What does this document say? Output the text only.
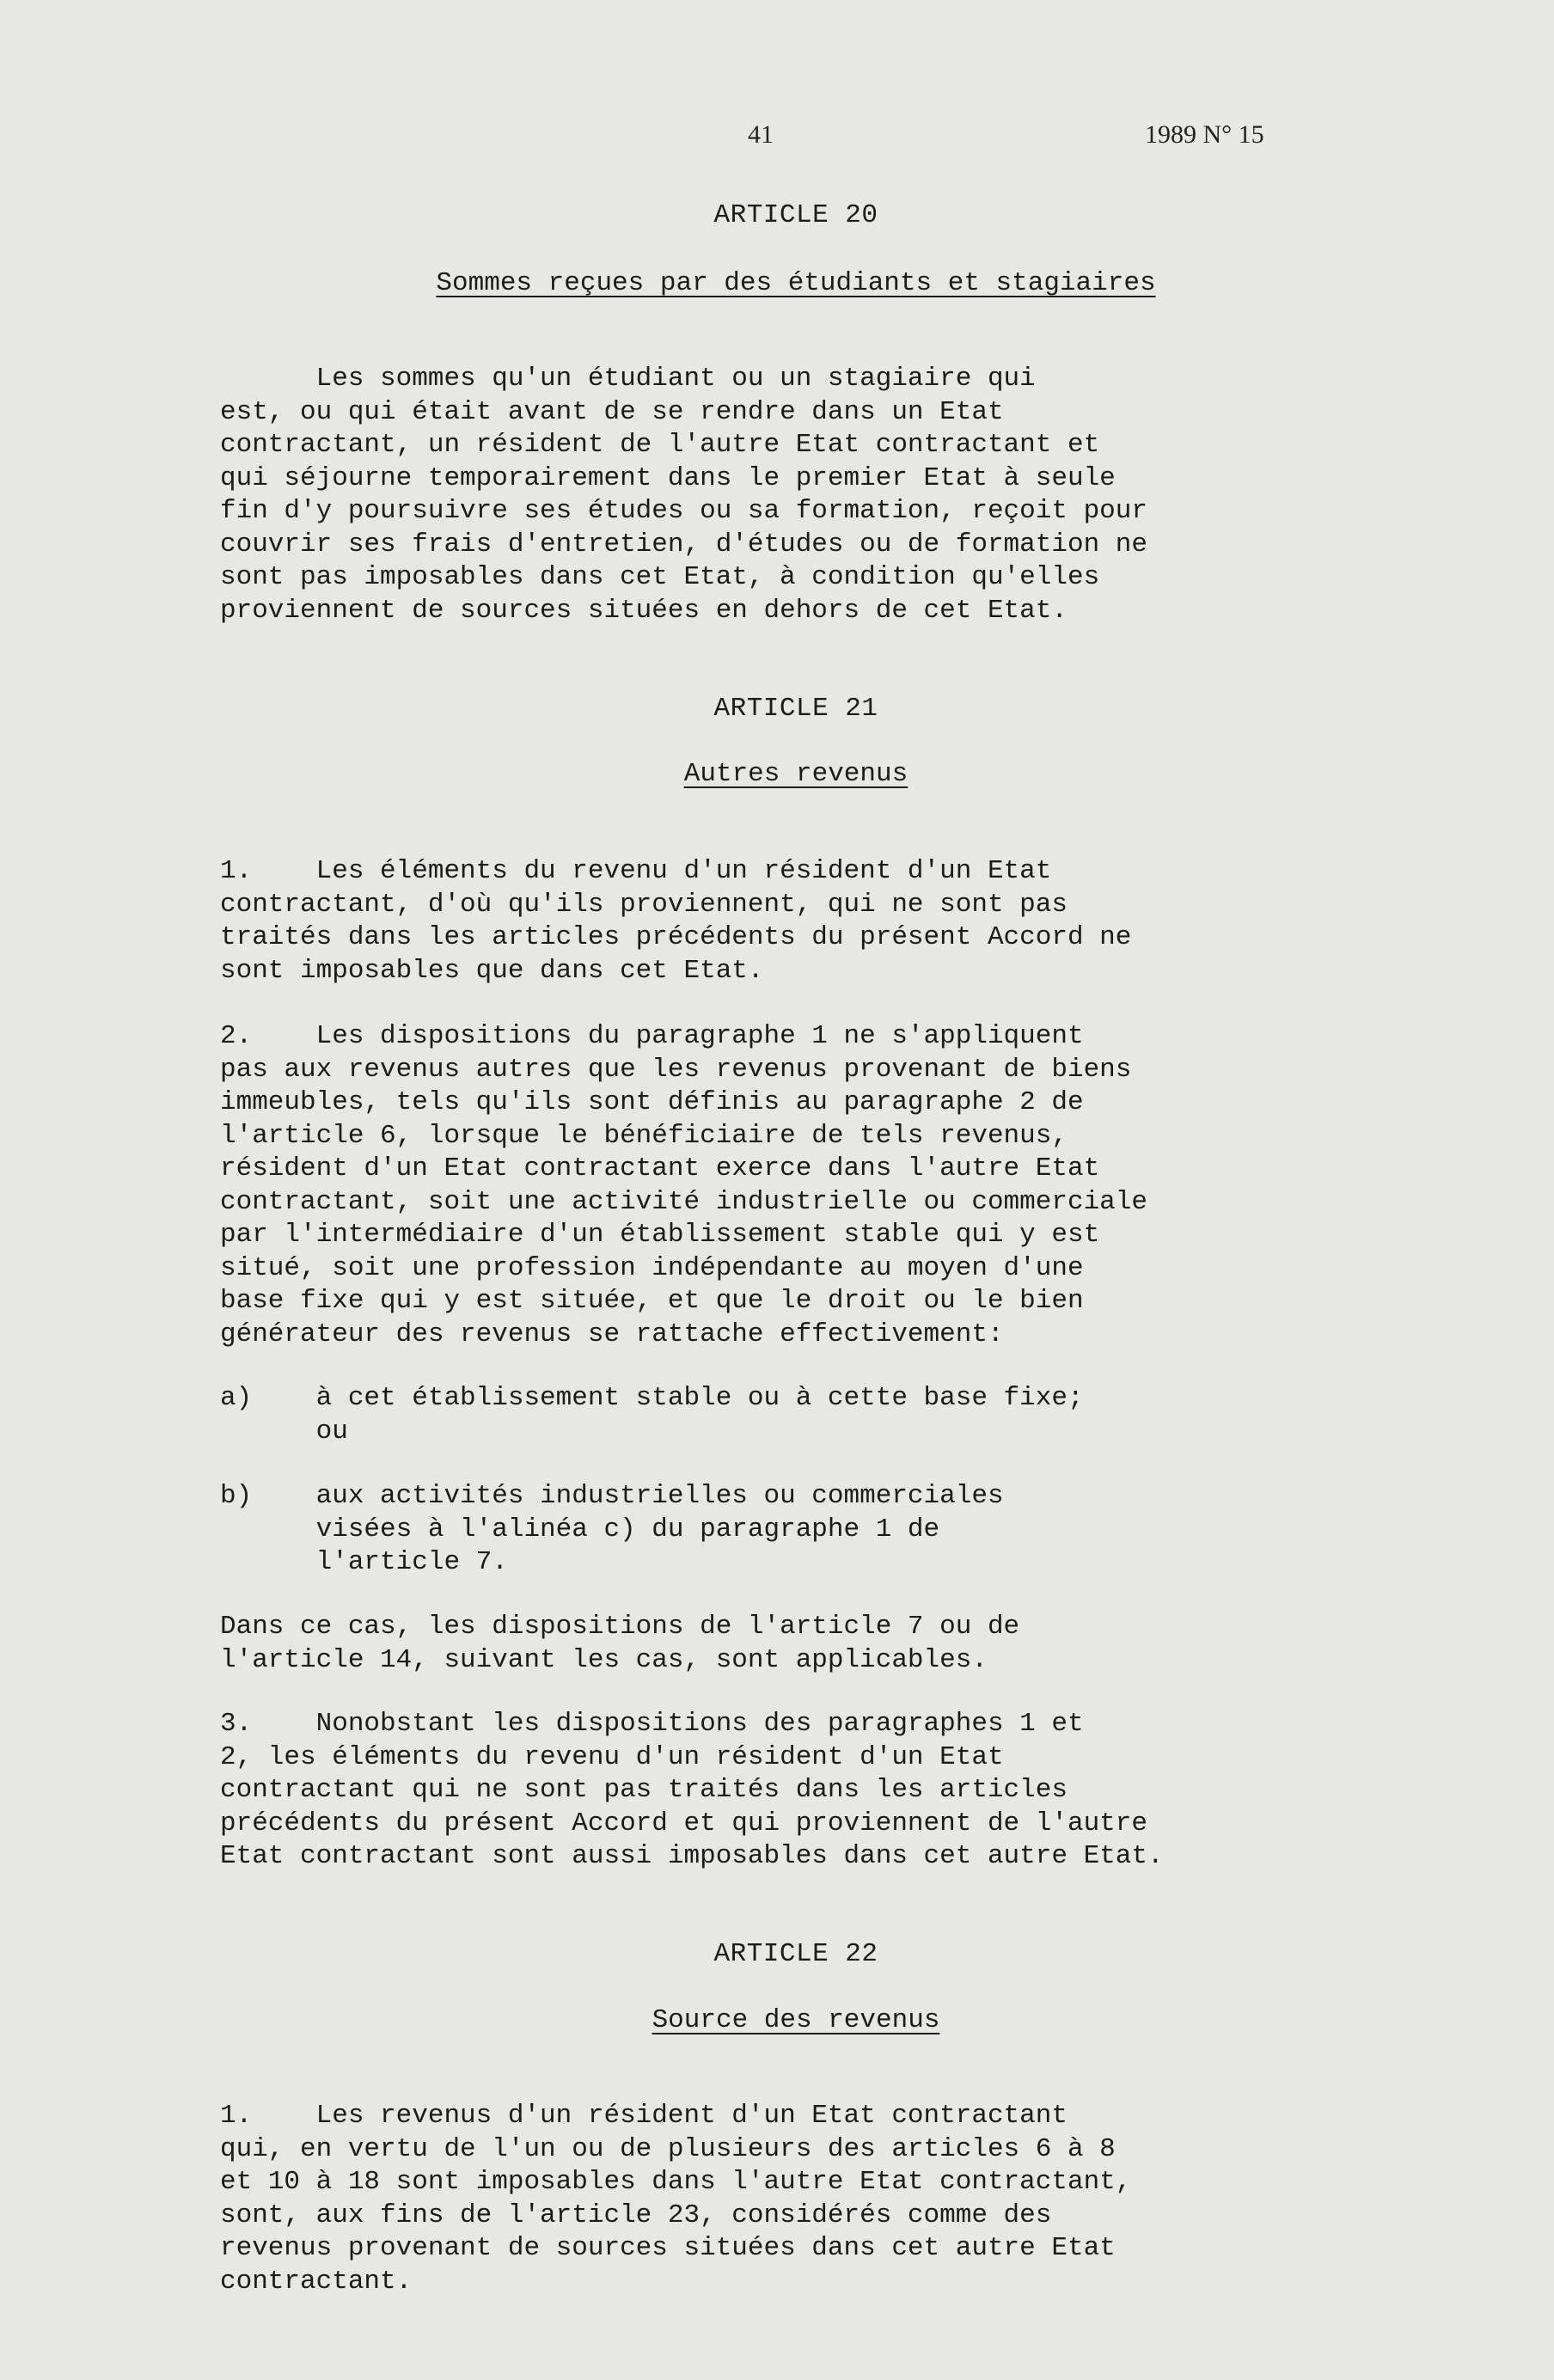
41	1989 N° 15
ARTICLE 20
Sommes reçues par des étudiants et stagiaires
Les sommes qu'un étudiant ou un stagiaire qui
est, ou qui était avant de se rendre dans un Etat
contractant, un résident de l'autre Etat contractant et
qui séjourne temporairement dans le premier Etat à seule
fin d'y poursuivre ses études ou sa formation, reçoit pour
couvrir ses frais d'entretien, d'études ou de formation ne
sont pas imposables dans cet Etat, à condition qu'elles
proviennent de sources situées en dehors de cet Etat.
ARTICLE 21
Autres revenus
1.    Les éléments du revenu d'un résident d'un Etat
contractant, d'où qu'ils proviennent, qui ne sont pas
traités dans les articles précédents du présent Accord ne
sont imposables que dans cet Etat.
2.    Les dispositions du paragraphe 1 ne s'appliquent
pas aux revenus autres que les revenus provenant de biens
immeubles, tels qu'ils sont définis au paragraphe 2 de
l'article 6, lorsque le bénéficiaire de tels revenus,
résident d'un Etat contractant exerce dans l'autre Etat
contractant, soit une activité industrielle ou commerciale
par l'intermédiaire d'un établissement stable qui y est
situé, soit une profession indépendante au moyen d'une
base fixe qui y est située, et que le droit ou le bien
générateur des revenus se rattache effectivement:
a)    à cet établissement stable ou à cette base fixe;
ou
b)    aux activités industrielles ou commerciales
visées à l'alinéa c) du paragraphe 1 de
l'article 7.
Dans ce cas, les dispositions de l'article 7 ou de
l'article 14, suivant les cas, sont applicables.
3.    Nonobstant les dispositions des paragraphes 1 et
2, les éléments du revenu d'un résident d'un Etat
contractant qui ne sont pas traités dans les articles
précédents du présent Accord et qui proviennent de l'autre
Etat contractant sont aussi imposables dans cet autre Etat.
ARTICLE 22
Source des revenus
1.    Les revenus d'un résident d'un Etat contractant
qui, en vertu de l'un ou de plusieurs des articles 6 à 8
et 10 à 18 sont imposables dans l'autre Etat contractant,
sont, aux fins de l'article 23, considérés comme des
revenus provenant de sources situées dans cet autre Etat
contractant.
